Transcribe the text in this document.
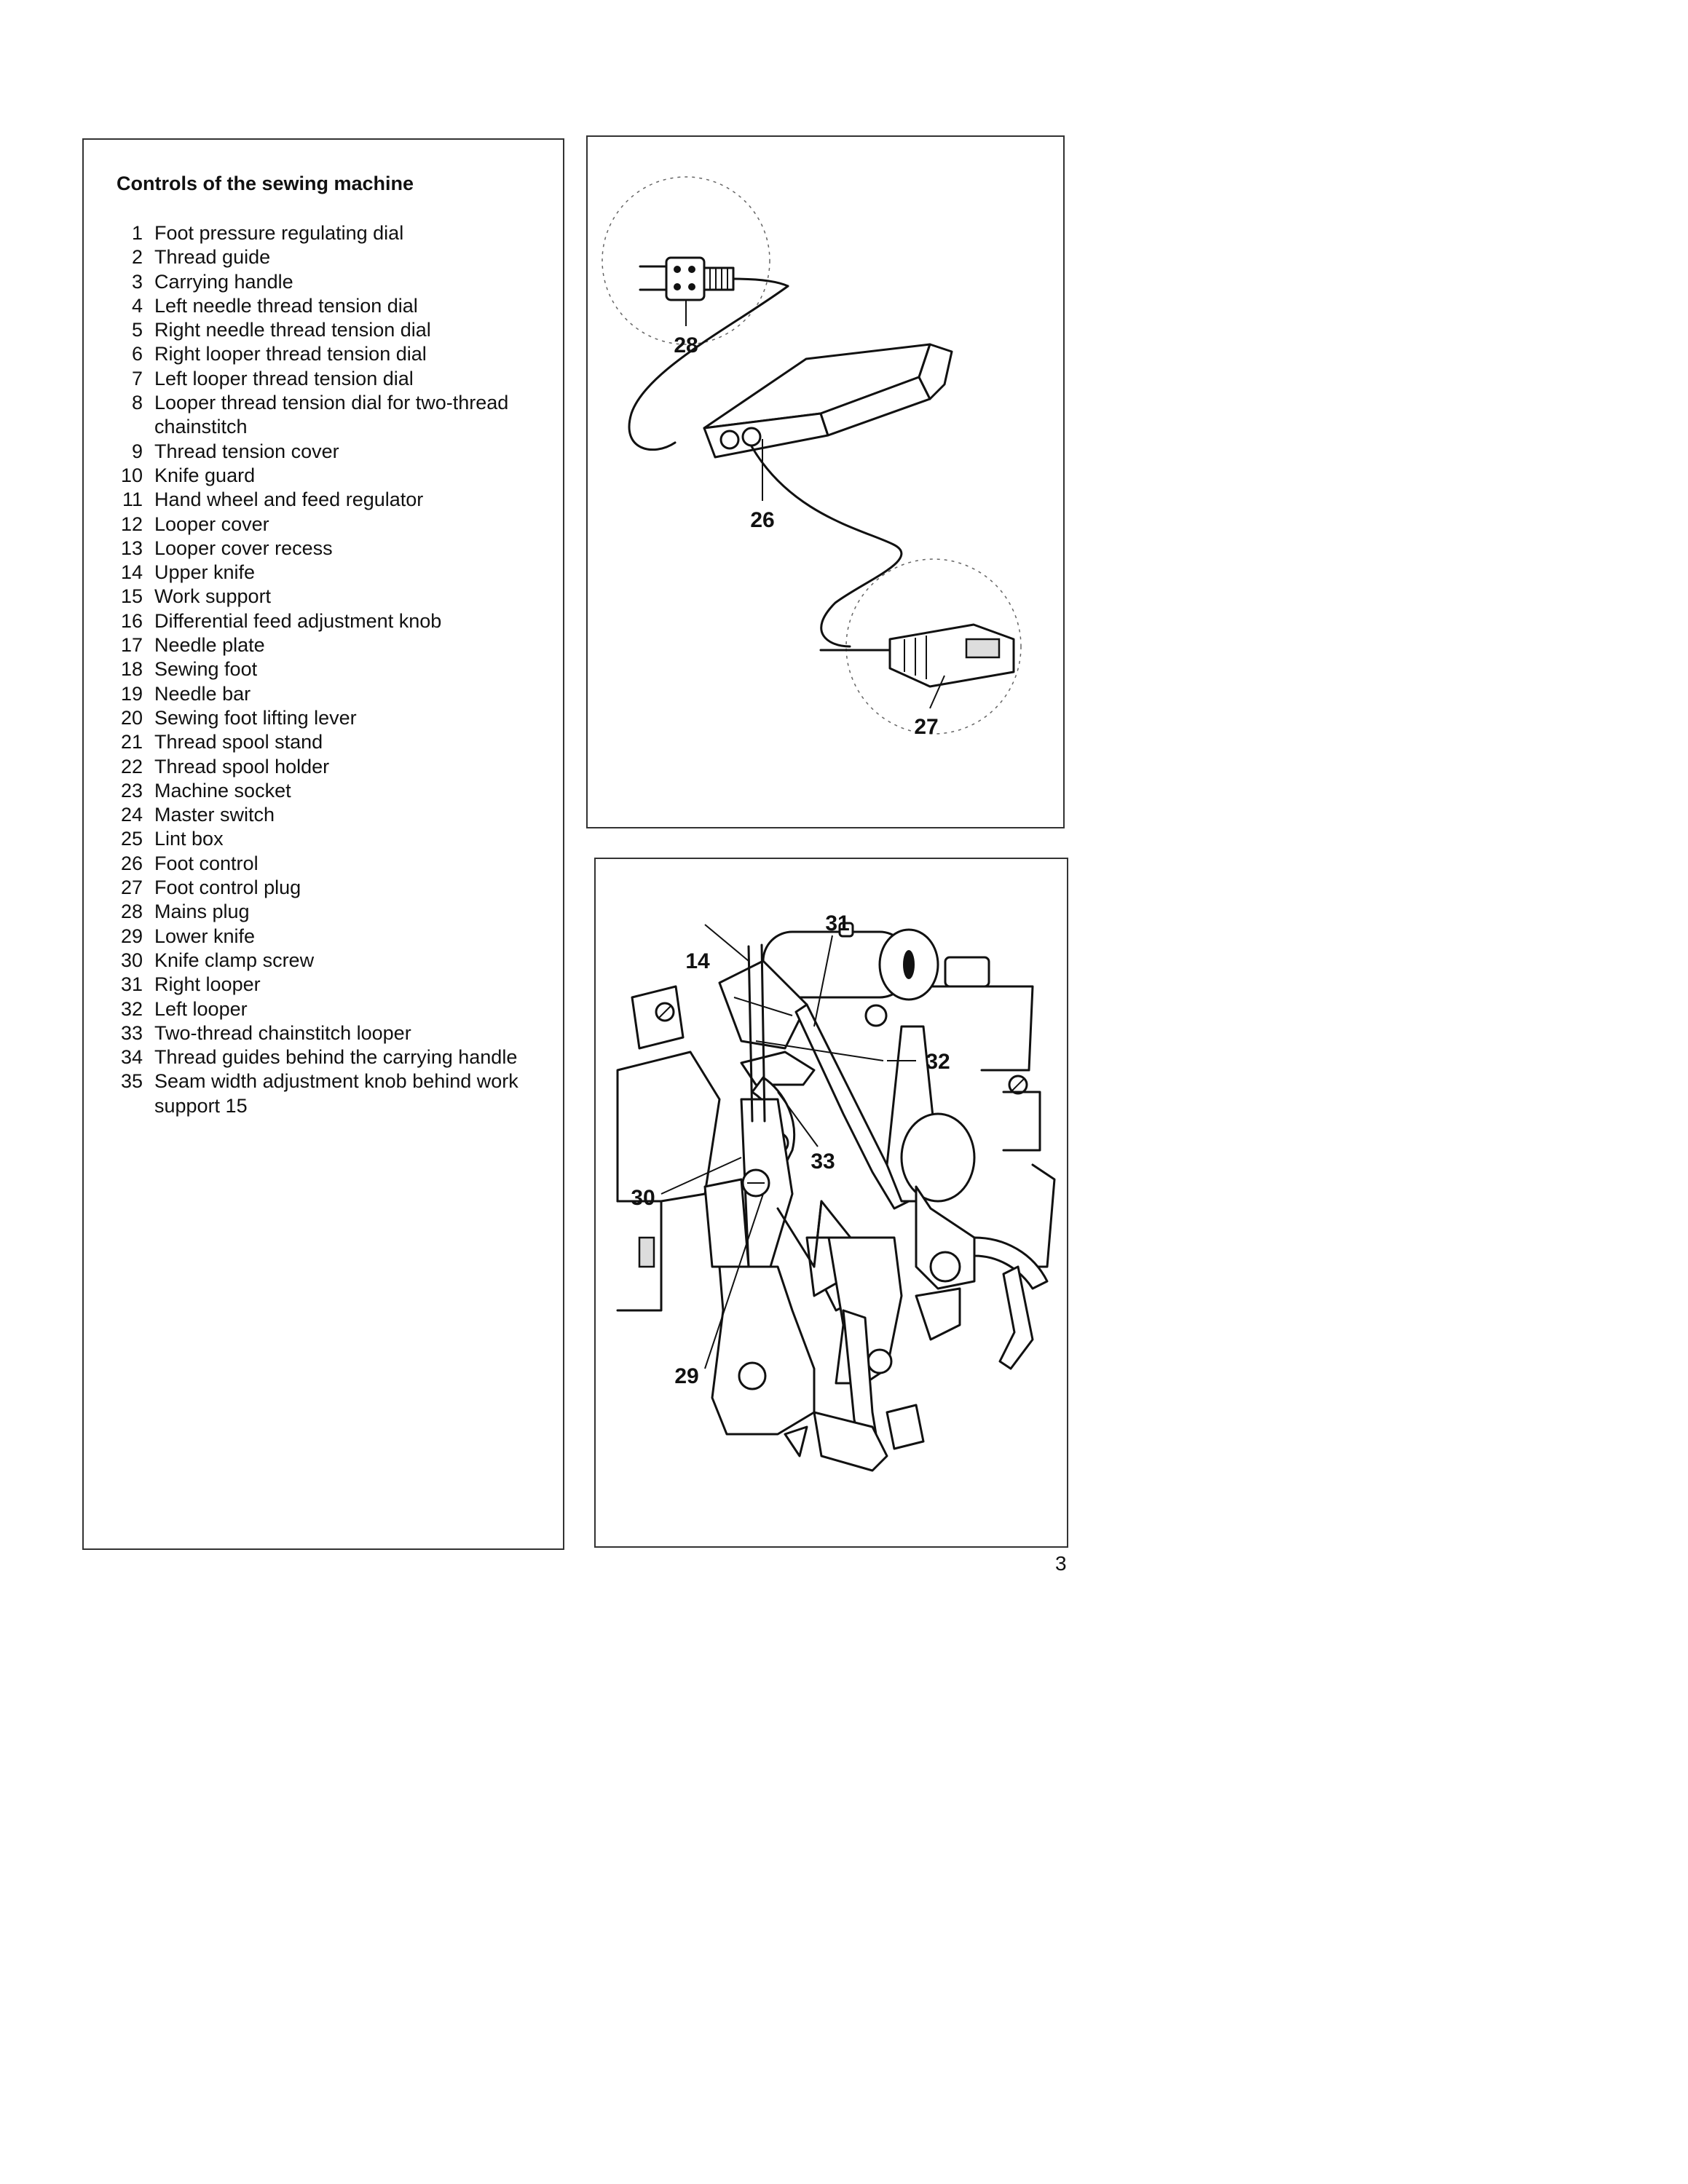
Controls of the sewing machine
1 Foot pressure regulating dial
2 Thread guide
3 Carrying handle
4 Left needle thread tension dial
5 Right needle thread tension dial
6 Right looper thread tension dial
7 Left looper thread tension dial
8 Looper thread tension dial for two-thread chainstitch
9 Thread tension cover
10 Knife guard
11 Hand wheel and feed regulator
12 Looper cover
13 Looper cover recess
14 Upper knife
15 Work support
16 Differential feed adjustment knob
17 Needle plate
18 Sewing foot
19 Needle bar
20 Sewing foot lifting lever
21 Thread spool stand
22 Thread spool holder
23 Machine socket
24 Master switch
25 Lint box
26 Foot control
27 Foot control plug
28 Mains plug
29 Lower knife
30 Knife clamp screw
31 Right looper
32 Left looper
33 Two-thread chainstitch looper
34 Thread guides behind the carrying handle
35 Seam width adjustment knob behind work support 15
28
26
27
31
14
32
33
30
29
3
